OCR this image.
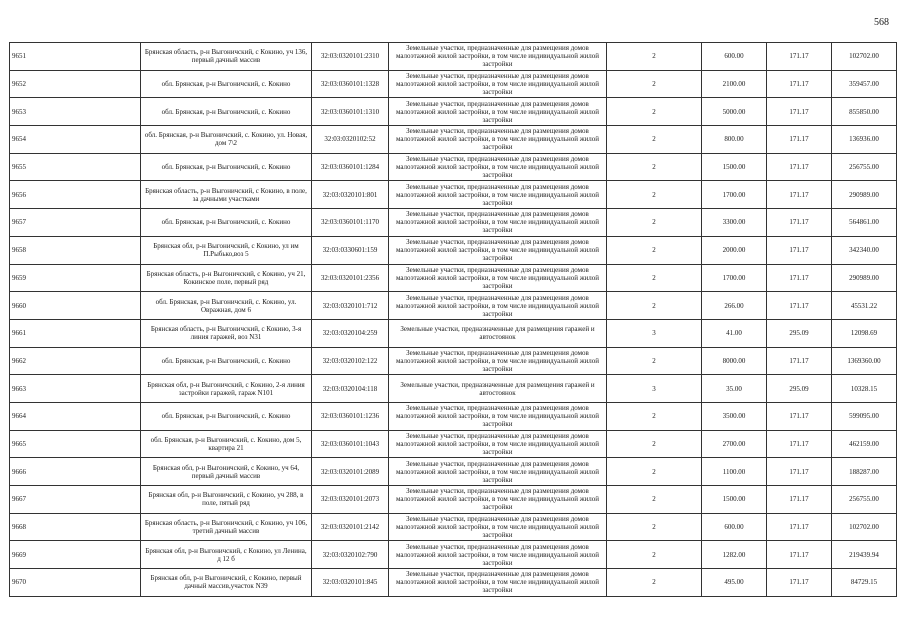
568
9651	Брянская область, р-н Выгоничский, с Кокино, уч 136, первый дачный массив	32:03:0320101:2310	Земельные участки, предназначенные для размещения домов малоэтажной жилой застройки, в том числе индивидуальной жилой застройки	2	600.00	171.17	102702.00
9652	обл. Брянская, р-н Выгоничский, с. Кокино	32:03:0360101:1328	Земельные участки, предназначенные для размещения домов малоэтажной жилой застройки, в том числе индивидуальной жилой застройки	2	2100.00	171.17	359457.00
9653	обл. Брянская, р-н Выгоничский, с. Кокино	32:03:0360101:1310	Земельные участки, предназначенные для размещения домов малоэтажной жилой застройки, в том числе индивидуальной жилой застройки	2	5000.00	171.17	855850.00
9654	обл. Брянская, р-н Выгоничский, с. Кокино, ул. Новая, дом 7\2	32:03:0320102:52	Земельные участки, предназначенные для размещения домов малоэтажной жилой застройки, в том числе индивидуальной жилой застройки	2	800.00	171.17	136936.00
9655	обл. Брянская, р-н Выгоничский, с. Кокино	32:03:0360101:1284	Земельные участки, предназначенные для размещения домов малоэтажной жилой застройки, в том числе индивидуальной жилой застройки	2	1500.00	171.17	256755.00
9656	Брянская область, р-н Выгоничский, с Кокино, в поле, за дачными участками	32:03:0320101:801	Земельные участки, предназначенные для размещения домов малоэтажной жилой застройки, в том числе индивидуальной жилой застройки	2	1700.00	171.17	290989.00
9657	обл. Брянская, р-н Выгоничский, с. Кокино	32:03:0360101:1170	Земельные участки, предназначенные для размещения домов малоэтажной жилой застройки, в том числе индивидуальной жилой застройки	2	3300.00	171.17	564861.00
9658	Брянская обл, р-н Выгоничский, с Кокино, ул им П.Рыбько,воз 5	32:03:0330601:159	Земельные участки, предназначенные для размещения домов малоэтажной жилой застройки, в том числе индивидуальной жилой застройки	2	2000.00	171.17	342340.00
9659	Брянская область, р-н Выгоничский, с Кокино, уч 21, Кокинское поле, первый ряд	32:03:0320101:2356	Земельные участки, предназначенные для размещения домов малоэтажной жилой застройки, в том числе индивидуальной жилой застройки	2	1700.00	171.17	290989.00
9660	обл. Брянская, р-н Выгоничский, с. Кокино, ул. Овражная, дом 6	32:03:0320101:712	Земельные участки, предназначенные для размещения домов малоэтажной жилой застройки, в том числе индивидуальной жилой застройки	2	266.00	171.17	45531.22
9661	Брянская область, р-н Выгоничский, с Кокино, 3-я линия гаражей, воз N31	32:03:0320104:259	Земельные участки, предназначенные для размещения гаражей и автостоянок	3	41.00	295.09	12098.69
9662	обл. Брянская, р-н Выгоничский, с. Кокино	32:03:0320102:122	Земельные участки, предназначенные для размещения домов малоэтажной жилой застройки, в том числе индивидуальной жилой застройки	2	8000.00	171.17	1369360.00
9663	Брянская обл, р-н Выгоничский, с Кокино, 2-я линия застройки гаражей, гараж N101	32:03:0320104:118	Земельные участки, предназначенные для размещения гаражей и автостоянок	3	35.00	295.09	10328.15
9664	обл. Брянская, р-н Выгоничский, с. Кокино	32:03:0360101:1236	Земельные участки, предназначенные для размещения домов малоэтажной жилой застройки, в том числе индивидуальной жилой застройки	2	3500.00	171.17	599095.00
9665	обл. Брянская, р-н Выгоничский, с. Кокино, дом 5, квартира 21	32:03:0360101:1043	Земельные участки, предназначенные для размещения домов малоэтажной жилой застройки, в том числе индивидуальной жилой застройки	2	2700.00	171.17	462159.00
9666	Брянская обл, р-н Выгоничский, с Кокино, уч 64, первый дачный массив	32:03:0320101:2089	Земельные участки, предназначенные для размещения домов малоэтажной жилой застройки, в том числе индивидуальной жилой застройки	2	1100.00	171.17	188287.00
9667	Брянская обл, р-н Выгоничский, с Кокино, уч 288, в поле, пятый ряд	32:03:0320101:2073	Земельные участки, предназначенные для размещения домов малоэтажной жилой застройки, в том числе индивидуальной жилой застройки	2	1500.00	171.17	256755.00
9668	Брянская область, р-н Выгоничский, с Кокино, уч 106, третий дачный массив	32:03:0320101:2142	Земельные участки, предназначенные для размещения домов малоэтажной жилой застройки, в том числе индивидуальной жилой застройки	2	600.00	171.17	102702.00
9669	Брянская обл, р-н Выгоничский, с Кокино, ул Ленина, д 12 б	32:03:0320102:790	Земельные участки, предназначенные для размещения домов малоэтажной жилой застройки, в том числе индивидуальной жилой застройки	2	1282.00	171.17	219439.94
9670	Брянская обл, р-н Выгоничский, с Кокино, первый дачный массив,участок N39	32:03:0320101:845	Земельные участки, предназначенные для размещения домов малоэтажной жилой застройки, в том числе индивидуальной жилой застройки	2	495.00	171.17	84729.15
